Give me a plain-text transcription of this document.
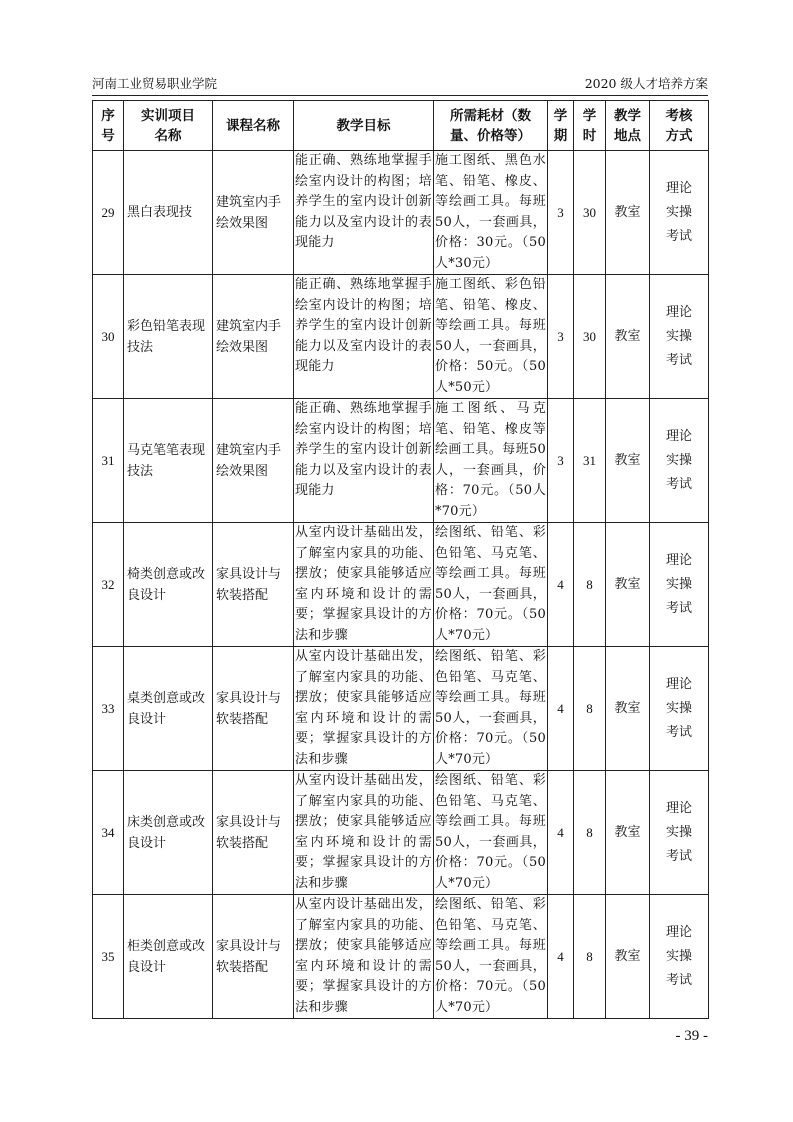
河南工业贸易职业学院	2020 级人才培养方案
序号	实训项目名称	课程名称	教学目标	所需耗材（数量、价格等）	学期	学时	教学地点	考核方式
29	黑白表现技	建筑室内手绘效果图	能正确、熟练地掌握手绘室内设计的构图；培养学生的室内设计创新能力以及室内设计的表现能力	施工图纸、黑色水笔、铅笔、橡皮、等绘画工具。每班50人，一套画具，价格：30元。（50人*30元）	3	30	教室	理论实操考试
30	彩色铅笔表现技法	建筑室内手绘效果图	能正确、熟练地掌握手绘室内设计的构图；培养学生的室内设计创新能力以及室内设计的表现能力	施工图纸、彩色铅笔、铅笔、橡皮、等绘画工具。每班50人，一套画具，价格：50元。（50人*50元）	3	30	教室	理论实操考试
31	马克笔笔表现技法	建筑室内手绘效果图	能正确、熟练地掌握手绘室内设计的构图；培养学生的室内设计创新能力以及室内设计的表现能力	施工图纸、马克笔、铅笔、橡皮等绘画工具。每班50人，一套画具，价格：70元。（50人*70元）	3	31	教室	理论实操考试
32	椅类创意或改良设计	家具设计与软装搭配	从室内设计基础出发，了解室内家具的功能、摆放；使家具能够适应室内环境和设计的需要；掌握家具设计的方法和步骤	绘图纸、铅笔、彩色铅笔、马克笔、等绘画工具。每班50人，一套画具，价格：70元。（50人*70元）	4	8	教室	理论实操考试
33	桌类创意或改良设计	家具设计与软装搭配	从室内设计基础出发，了解室内家具的功能、摆放；使家具能够适应室内环境和设计的需要；掌握家具设计的方法和步骤	绘图纸、铅笔、彩色铅笔、马克笔、等绘画工具。每班50人，一套画具，价格：70元。（50人*70元）	4	8	教室	理论实操考试
34	床类创意或改良设计	家具设计与软装搭配	从室内设计基础出发，了解室内家具的功能、摆放；使家具能够适应室内环境和设计的需要；掌握家具设计的方法和步骤	绘图纸、铅笔、彩色铅笔、马克笔、等绘画工具。每班50人，一套画具，价格：70元。（50人*70元）	4	8	教室	理论实操考试
35	柜类创意或改良设计	家具设计与软装搭配	从室内设计基础出发，了解室内家具的功能、摆放；使家具能够适应室内环境和设计的需要；掌握家具设计的方法和步骤	绘图纸、铅笔、彩色铅笔、马克笔、等绘画工具。每班50人，一套画具，价格：70元。（50人*70元）	4	8	教室	理论实操考试
- 39 -
